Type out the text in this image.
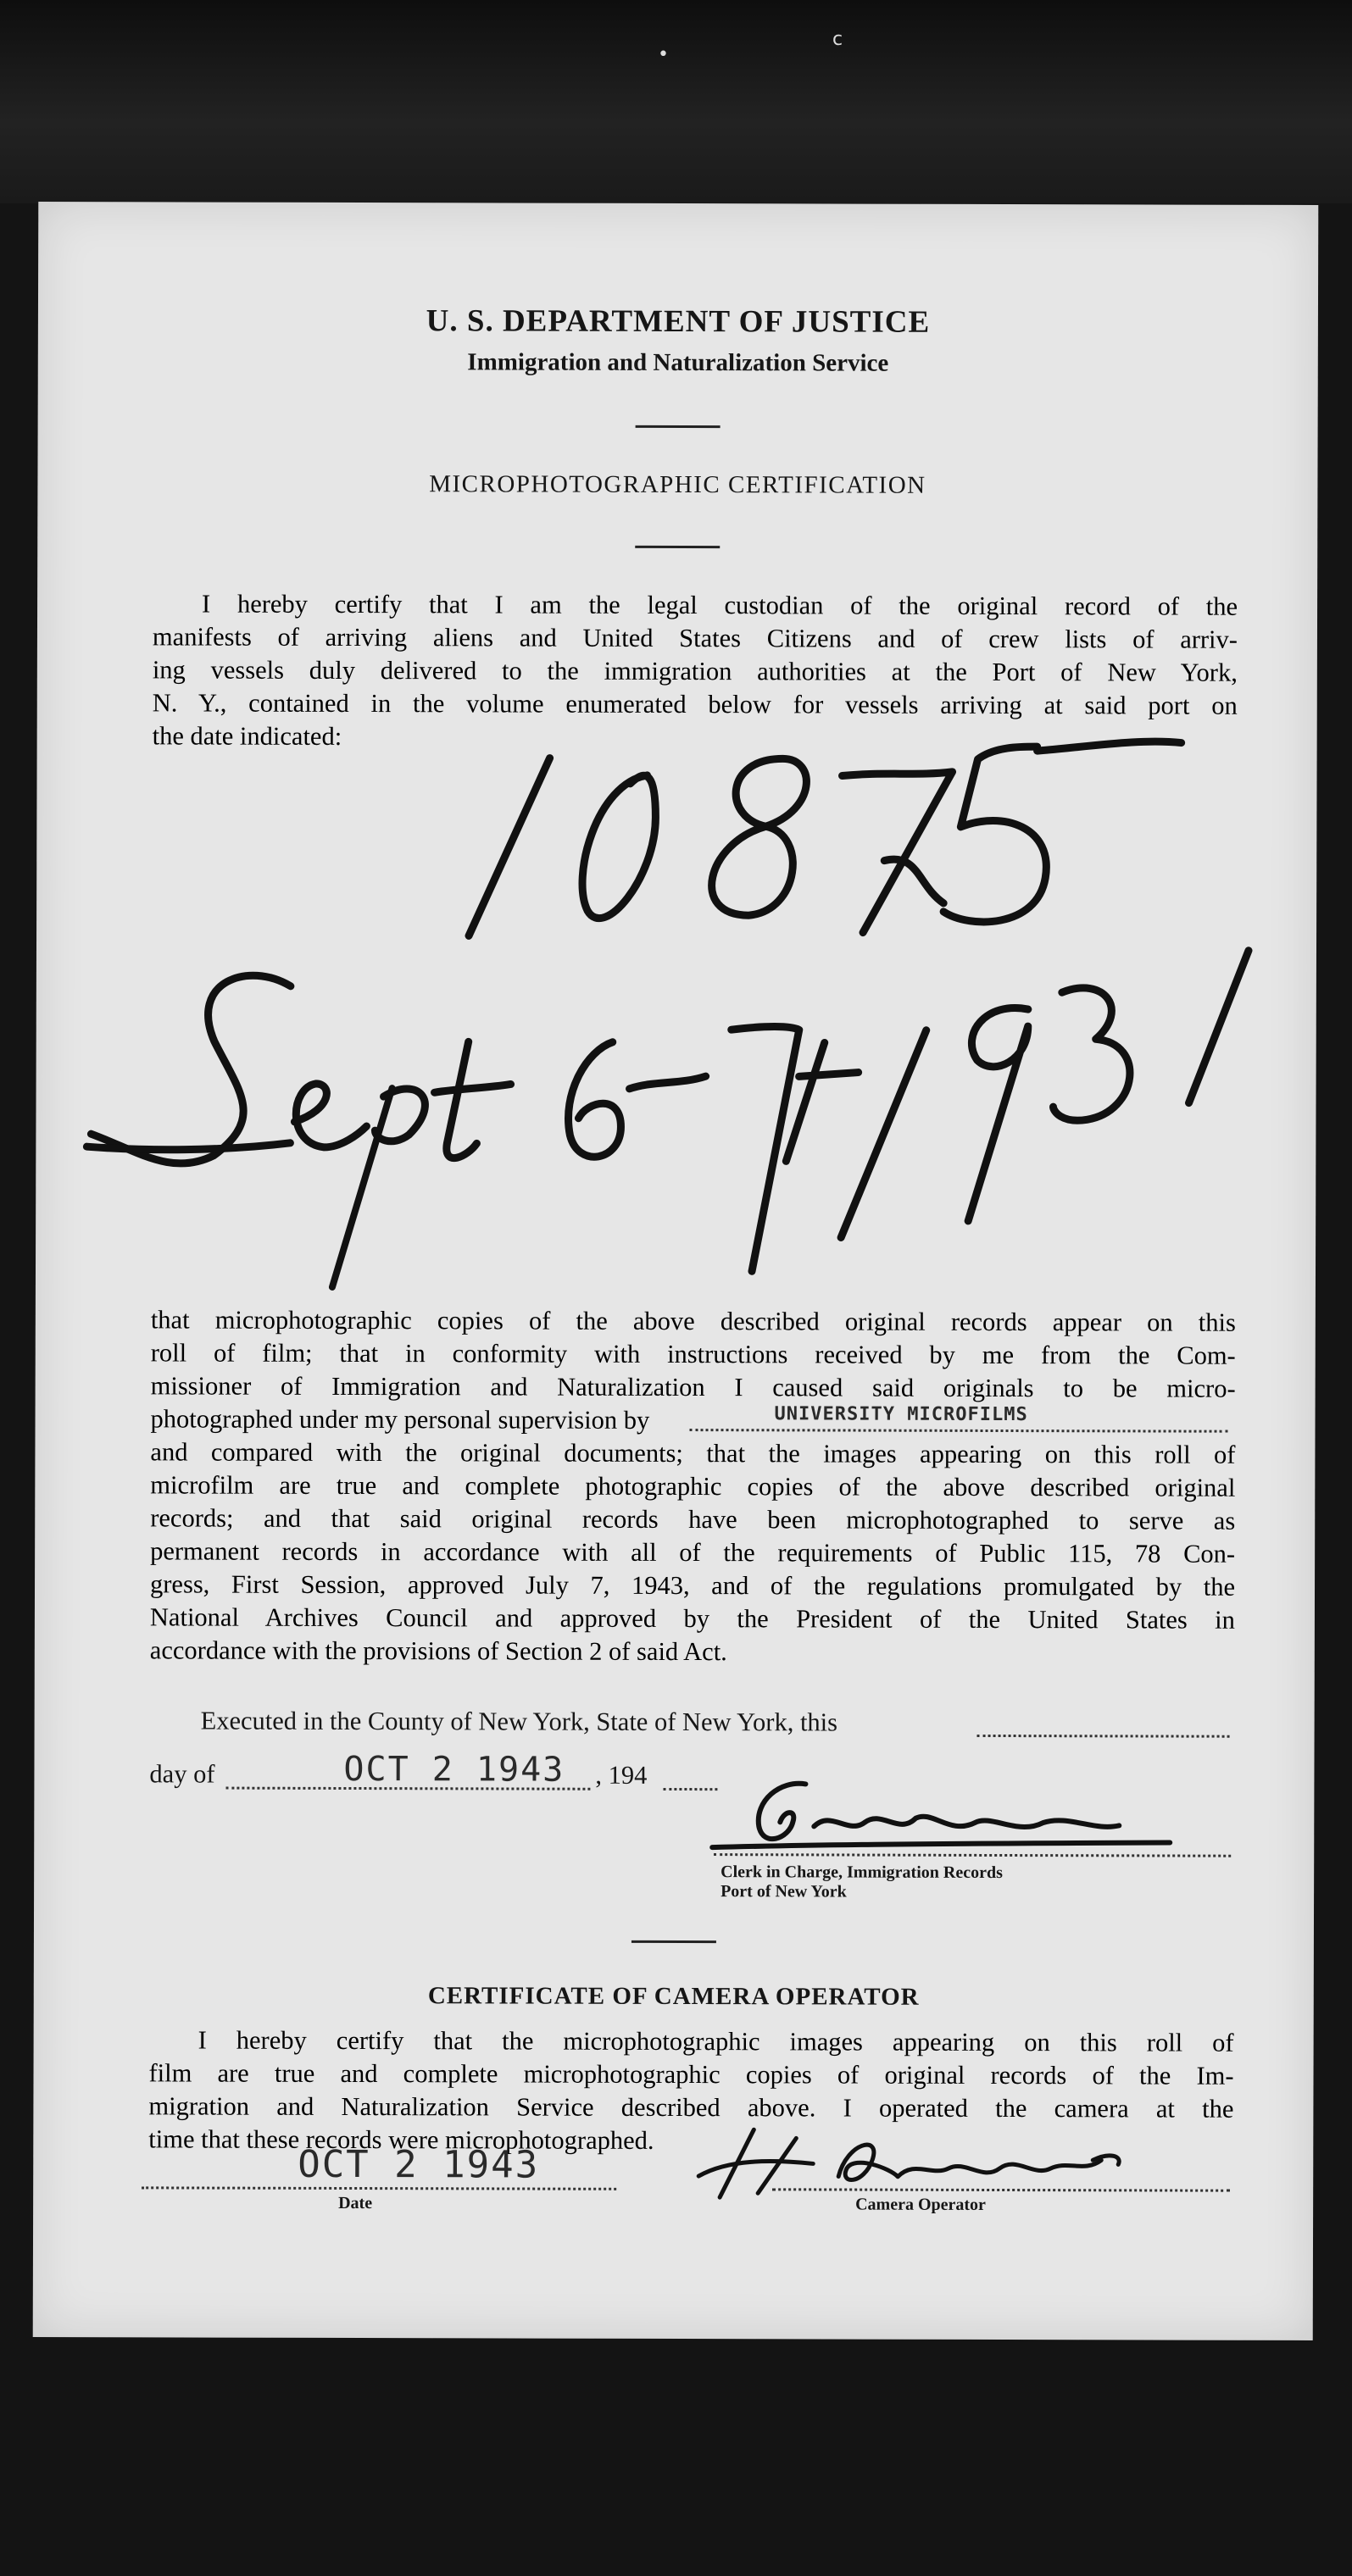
•
c
U. S. DEPARTMENT OF JUSTICE
Immigration and Naturalization Service
MICROPHOTOGRAPHIC CERTIFICATION
I hereby certify that I am the legal custodian of the original record of the
manifests of arriving aliens and United States Citizens and of crew lists of arriv-
ing vessels duly delivered to the immigration authorities at the Port of New York,
N. Y., contained in the volume enumerated below for vessels arriving at said port on
the date indicated:
that microphotographic copies of the above described original records appear on this
roll of film; that in conformity with instructions received by me from the Com-
missioner of Immigration and Naturalization I caused said originals to be micro-
photographed under my personal supervision by
and compared with the original documents; that the images appearing on this roll of
microfilm are true and complete photographic copies of the above described original
records; and that said original records have been microphotographed to serve as
permanent records in accordance with all of the requirements of Public 115, 78 Con-
gress, First Session, approved July 7, 1943, and of the regulations promulgated by the
National Archives Council and approved by the President of the United States in
accordance with the provisions of Section 2 of said Act.
UNIVERSITY MICROFILMS
Executed in the County of New York, State of New York, this
day of	OCT 2 1943 , 194
Clerk in Charge, Immigration Records
Port of New York
CERTIFICATE OF CAMERA OPERATOR
I hereby certify that the microphotographic images appearing on this roll of
film are true and complete microphotographic copies of original records of the Im-
migration and Naturalization Service described above. I operated the camera at the
time that these records were microphotographed.
OCT 2 1943
Date	Camera Operator
